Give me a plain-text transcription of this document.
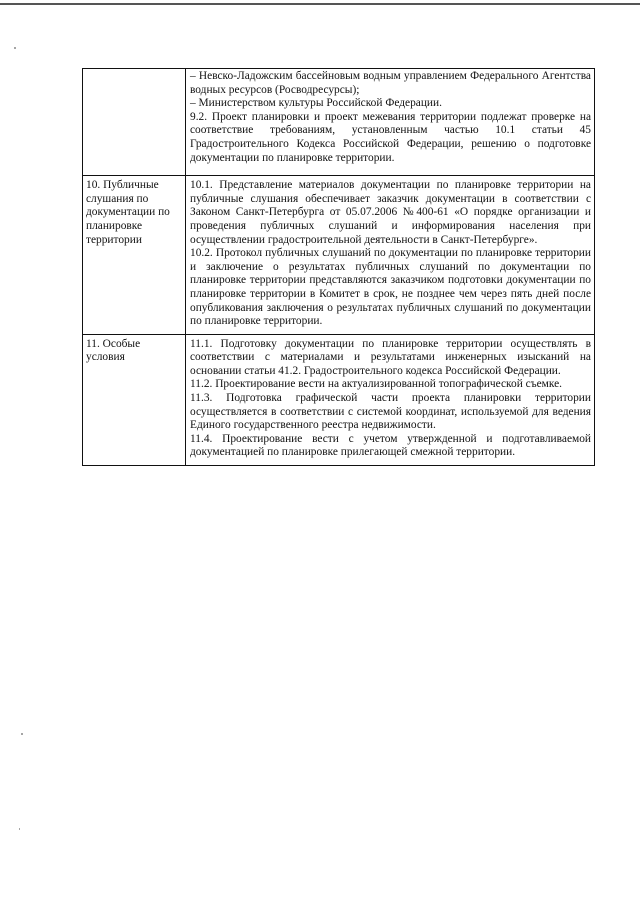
	– Невско-Ладожским бассейновым водным управлением Федерального Агентства водных ресурсов (Росводресурсы);

– Министерством культуры Российской Федерации.

9.2. Проект планировки и проект межевания территории подлежат проверке на соответствие требованиям, установленным частью 10.1 статьи 45 Градостроительного Кодекса Российской Федерации, решению о подготовке документации по планировке территории.

10. Публичные слушания по документации по планировке территории	10.1. Представление материалов документации по планировке территории на публичные слушания обеспечивает заказчик документации в соответствии с Законом Санкт-Петербурга от 05.07.2006 №400-61 «О порядке организации и проведения публичных слушаний и информирования населения при осуществлении градостроительной деятельности в Санкт-Петербурге».

10.2. Протокол публичных слушаний по документации по планировке территории и заключение о результатах публичных слушаний по документации по планировке территории представляются заказчиком подготовки документации по планировке территории в Комитет в срок, не позднее чем через пять дней после опубликования заключения о результатах публичных слушаний по документации по планировке территории.

11. Особые условия	11.1. Подготовку документации по планировке территории осуществлять в соответствии с материалами и результатами инженерных изысканий на основании статьи 41.2. Градостроительного кодекса Российской Федерации.

11.2. Проектирование вести на актуализированной топографической съемке.

11.3. Подготовка графической части проекта планировки территории осуществляется в соответствии с системой координат, используемой для ведения Единого государственного реестра недвижимости.

11.4. Проектирование вести с учетом утвержденной и подготавливаемой документацией по планировке прилегающей смежной территории.
